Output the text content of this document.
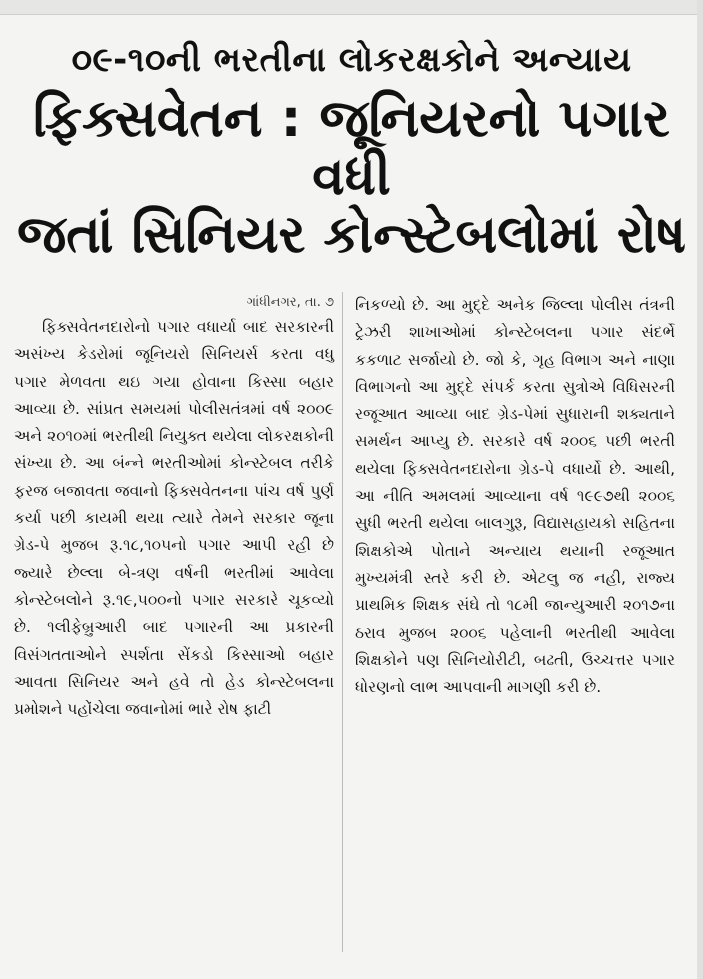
૦૯-૧૦ની ભરતીના લોકરક્ષકોને અન્યાય
ફિક્સવેતન : જૂનિયરનો પગાર વધી
જતાં સિનિયર કોન્સ્ટેબલોમાં રોષ
ગાંધીનગર, તા. ૭

ફિક્સવેતનદારોનો પગાર વધાર્યા બાદ સરકારની અસંખ્ય કેડરોમાં જૂનિયરો સિનિયર્સ કરતા વધુ પગાર મેળવતા થઇ ગયા હોવાના કિસ્સા બહાર આવ્યા છે. સાંપ્રત સમયમાં પોલીસતંત્રમાં વર્ષ ૨૦૦૯ અને ૨૦૧૦માં ભરતીથી નિયુક્ત થયેલા લોકરક્ષકોની સંખ્યા છે. આ બંન્ને ભરતીઓમાં કોન્સ્ટેબલ તરીકે ફરજ બજાવતા જવાનો ફિક્સવેતનના પાંચ વર્ષ પુર્ણ કર્યા પછી કાયમી થયા ત્યારે તેમને સરકાર જૂના ગ્રેડ-પે મુજબ રૂ.૧૮,૧૦૫નો પગાર આપી રહી છે જ્યારે છેલ્લા બે-ત્રણ વર્ષની ભરતીમાં આવેલા કોન્સ્ટેબલોને રૂ.૧૯,૫૦૦નો પગાર સરકારે ચૂકવ્યો છે. ૧લીફેબ્રુઆરી બાદ પગારની આ પ્રકારની વિસંગતતાઓને સ્પર્શતા સેંકડો કિસ્સાઓ બહાર આવતા સિનિયર અને હવે તો હેડ કોન્સ્ટેબલના પ્રમોશને પહોંચેલા જવાનોમાં ભારે રોષ ફાટી

નિકળ્યો છે. આ મુદ્દે અનેક જિલ્લા પોલીસ તંત્રની ટ્રેઝરી શાખાઓમાં કોન્સ્ટેબલના પગાર સંદર્ભે કકળાટ સર્જાયો છે. જો કે, ગૃહ વિભાગ અને નાણા વિભાગનો આ મુદ્દે સંપર્ક કરતા સુત્રોએ વિધિસરની રજૂઆત આવ્યા બાદ ગ્રેડ-પેમાં સુધારાની શક્યતાને સમર્થન આપ્યુ છે. સરકારે વર્ષ ૨૦૦૬ પછી ભરતી થયેલા ફિક્સવેતનદારોના ગ્રેડ-પે વધાર્યો છે. આથી, આ નીતિ અમલમાં આવ્યાના વર્ષ ૧૯૯૭થી ૨૦૦૬ સુધી ભરતી થયેલા બાલગુરૂ, વિદ્યાસહાયકો સહિતના શિક્ષકોએ પોતાને અન્યાય થયાની રજૂઆત મુખ્યમંત્રી સ્તરે કરી છે. એટલુ જ નહી, રાજ્ય પ્રાથમિક શિક્ષક સંઘે તો ૧૮મી જાન્યુઆરી ૨૦૧૭ના ઠરાવ મુજબ ૨૦૦૬ પહેલાની ભરતીથી આવેલા શિક્ષકોને પણ સિનિયોરીટી, બઢતી, ઉચ્ચત્તર પગાર ધોરણનો લાભ આપવાની માગણી કરી છે.
